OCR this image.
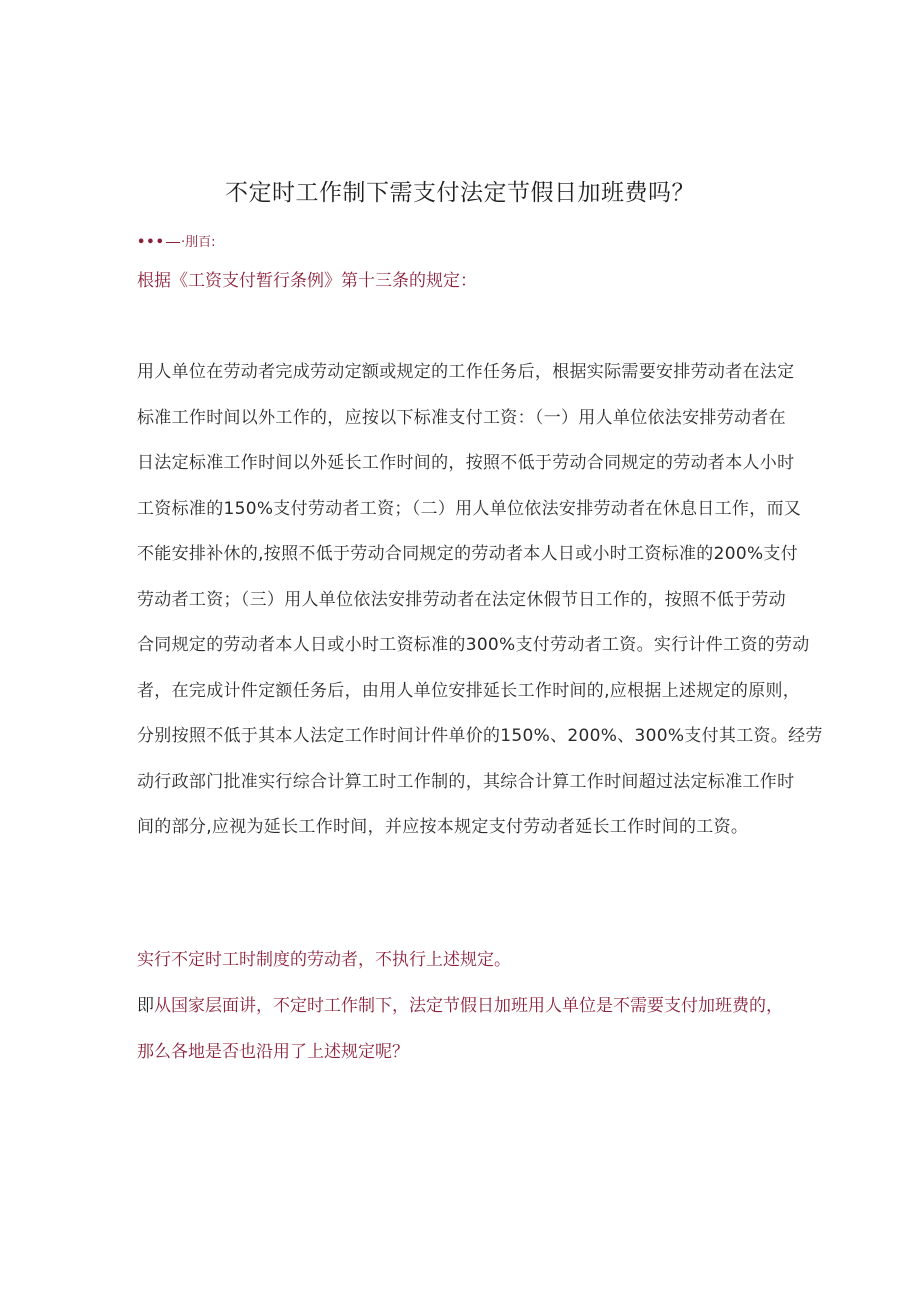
不定时工作制下需支付法定节假日加班费吗？
••• ·刖百:
根据《工资支付暂行条例》第十三条的规定：
用人单位在劳动者完成劳动定额或规定的工作任务后，根据实际需要安排劳动者在法定
标准工作时间以外工作的，应按以下标准支付工资：（一）用人单位依法安排劳动者在
日法定标准工作时间以外延长工作时间的，按照不低于劳动合同规定的劳动者本人小时
工资标准的150%支付劳动者工资；（二）用人单位依法安排劳动者在休息日工作，而又
不能安排补休的,按照不低于劳动合同规定的劳动者本人日或小时工资标准的200%支付
劳动者工资；（三）用人单位依法安排劳动者在法定休假节日工作的，按照不低于劳动
合同规定的劳动者本人日或小时工资标准的300%支付劳动者工资。实行计件工资的劳动
者，在完成计件定额任务后，由用人单位安排延长工作时间的,应根据上述规定的原则，
分别按照不低于其本人法定工作时间计件单价的150%、200%、300%支付其工资。经劳
动行政部门批准实行综合计算工时工作制的，其综合计算工作时间超过法定标准工作时
间的部分,应视为延长工作时间，并应按本规定支付劳动者延长工作时间的工资。
实行不定时工时制度的劳动者，不执行上述规定。
即从国家层面讲，不定时工作制下，法定节假日加班用人单位是不需要支付加班费的，
那么各地是否也沿用了上述规定呢？
